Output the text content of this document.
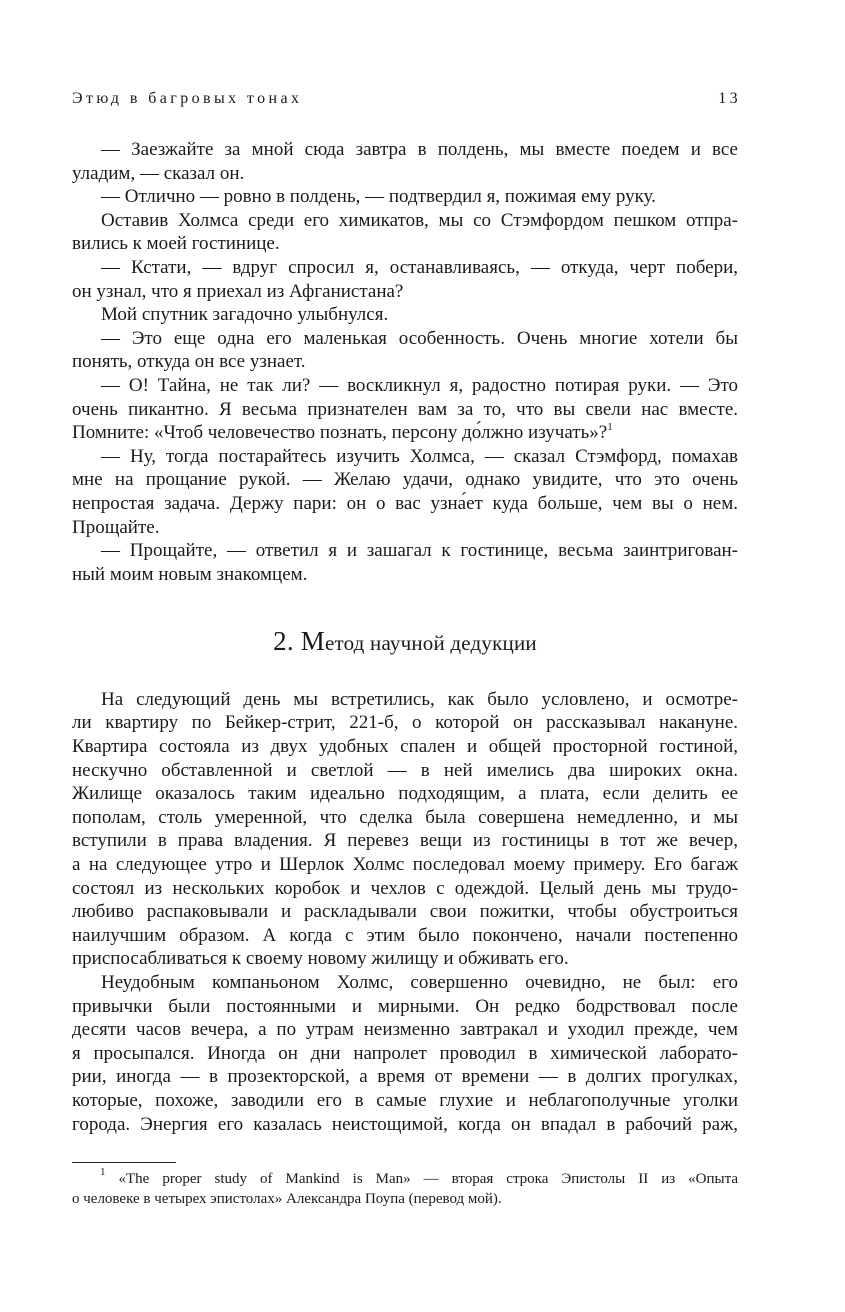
Этюд в багровых тонах	13
— Заезжайте за мной сюда завтра в полдень, мы вместе поедем и все
уладим, — сказал он.
— Отлично — ровно в полдень, — подтвердил я, пожимая ему руку.
Оставив Холмса среди его химикатов, мы со Стэмфордом пешком отпра-
вились к моей гостинице.
— Кстати, — вдруг спросил я, останавливаясь, — откуда, черт побери,
он узнал, что я приехал из Афганистана?
Мой спутник загадочно улыбнулся.
— Это еще одна его маленькая особенность. Очень многие хотели бы
понять, откуда он все узнает.
— О! Тайна, не так ли? — воскликнул я, радостно потирая руки. — Это
очень пикантно. Я весьма признателен вам за то, что вы свели нас вместе.
Помните: «Чтоб человечество познать, персону до́лжно изучать»?$^1$
— Ну, тогда постарайтесь изучить Холмса, — сказал Стэмфорд, помахав
мне на прощание рукой. — Желаю удачи, однако увидите, что это очень
непростая задача. Держу пари: он о вас узна́ет куда больше, чем вы о нем.
Прощайте.
— Прощайте, — ответил я и зашагал к гостинице, весьма заинтригован-
ный моим новым знакомцем.
2. Метод научной дедукции
На следующий день мы встретились, как было условлено, и осмотре-
ли квартиру по Бейкер-стрит, 221-б, о которой он рассказывал накануне.
Квартира состояла из двух удобных спален и общей просторной гостиной,
нескучно обставленной и светлой — в ней имелись два широких окна.
Жилище оказалось таким идеально подходящим, а плата, если делить ее
пополам, столь умеренной, что сделка была совершена немедленно, и мы
вступили в права владения. Я перевез вещи из гостиницы в тот же вечер,
а на следующее утро и Шерлок Холмс последовал моему примеру. Его багаж
состоял из нескольких коробок и чехлов с одеждой. Целый день мы трудо-
любиво распаковывали и раскладывали свои пожитки, чтобы обустроиться
наилучшим образом. А когда с этим было покончено, начали постепенно
приспосабливаться к своему новому жилищу и обживать его.
Неудобным компаньоном Холмс, совершенно очевидно, не был: его
привычки были постоянными и мирными. Он редко бодрствовал после
десяти часов вечера, а по утрам неизменно завтракал и уходил прежде, чем
я просыпался. Иногда он дни напролет проводил в химической лаборато-
рии, иногда — в прозекторской, а время от времени — в долгих прогулках,
которые, похоже, заводили его в самые глухие и неблагополучные уголки
города. Энергия его казалась неистощимой, когда он впадал в рабочий раж,
$^1$ «The proper study of Mankind is Man» — вторая строка Эпистолы II из «Опыта
о человеке в четырех эпистолах» Александра Поупа (перевод мой).
